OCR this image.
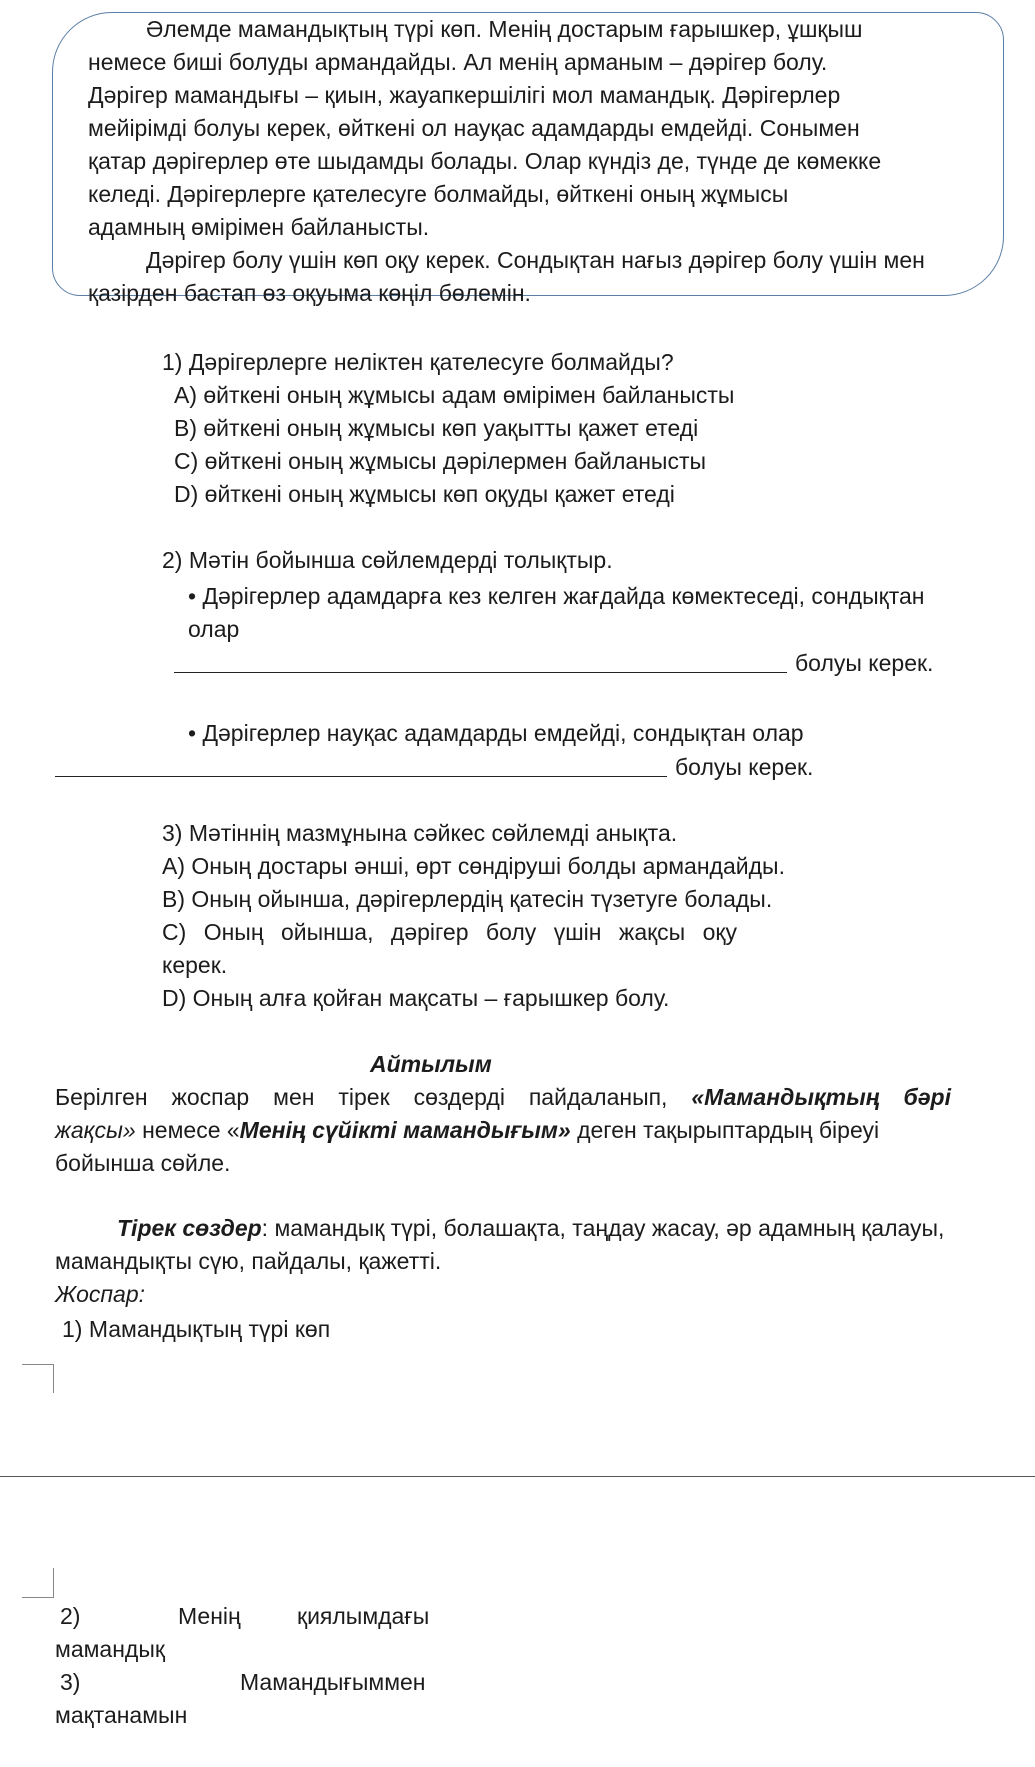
Әлемде мамандықтың түрі көп. Менің достарым ғарышкер, ұшқыш
немесе биші болуды армандайды. Ал менің арманым – дәрігер болу.
Дәрігер мамандығы – қиын, жауапкершілігі мол мамандық. Дәрігерлер
мейірімді болуы керек, өйткені ол науқас адамдарды емдейді. Сонымен
қатар дәрігерлер өте шыдамды болады. Олар күндіз де, түнде де көмекке
келеді. Дәрігерлерге қателесуге болмайды, өйткені оның жұмысы
адамның өмірімен байланысты.
Дәрігер болу үшін көп оқу керек. Сондықтан нағыз дәрігер болу үшін мен
қазірден бастап өз оқуыма көңіл бөлемін.
1) Дәрігерлерге неліктен қателесуге болмайды?
A) өйткені оның жұмысы адам өмірімен байланысты
B) өйткені оның жұмысы көп уақытты қажет етеді
C) өйткені оның жұмысы дәрілермен байланысты
D) өйткені оның жұмысы көп оқуды қажет етеді
2) Мәтін бойынша сөйлемдерді толықтыр.
• Дәрігерлер адамдарға кез келген жағдайда көмектеседі, сондықтан
олар
болуы керек.
• Дәрігерлер науқас адамдарды емдейді, сондықтан олар
болуы керек.
3) Мәтіннің мазмұнына сәйкес сөйлемді анықта.
A) Оның достары әнші, өрт сөндіруші болды армандайды.
B) Оның ойынша, дәрігерлердің қатесін түзетуге болады.
C) Оның ойынша, дәрігер болу үшін жақсы оқу
керек.
D) Оның алға қойған мақсаты – ғарышкер болу.
Айтылым
Берілген жоспар мен тірек сөздерді пайдаланып, «Мамандықтың бәрі
жақсы» немесе «Менің сүйікті мамандығым» деген тақырыптардың біреуі
бойынша сөйле.
Тірек сөздер: мамандық түрі, болашақта, таңдау жасау, әр адамның қалауы,
мамандықты сүю, пайдалы, қажетті.
Жоспар:
1) Мамандықтың түрі көп
2)	Менің қиялымдағы
мамандық
3)	Мамандығыммен
мақтанамын
